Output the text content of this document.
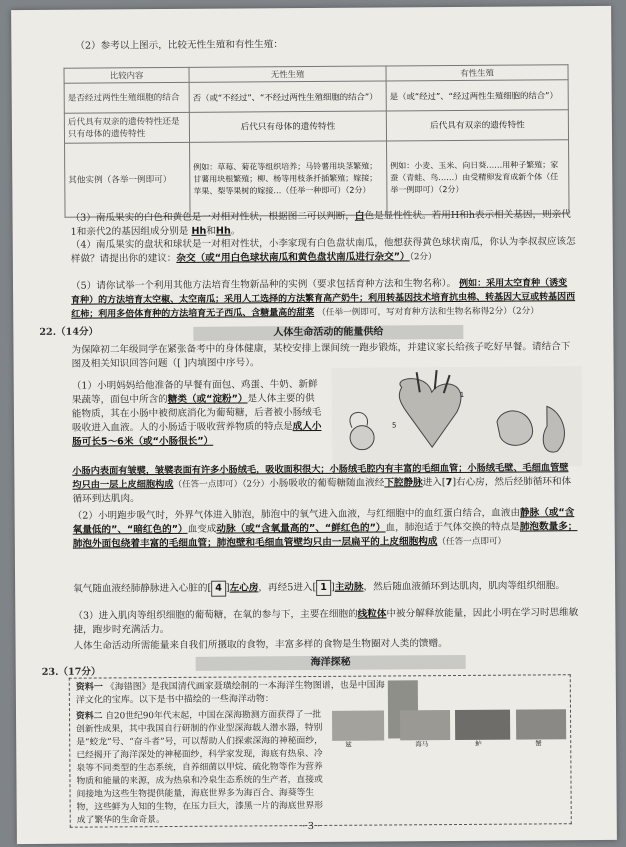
（2）参考以上图示，比较无性生殖和有性生殖：
比较内容	无性生殖	有性生殖
是否经过两性生殖细胞的结合	否（或“不经过”、“不经过两性生殖细胞的结合”）	是（或“经过”、“经过两性生殖细胞的结合”）
后代具有双亲的遗传特性还是只有母体的遗传特性	后代只有母体的遗传特性	后代具有双亲的遗传特性
其他实例（各举一例即可）	例如：草莓、菊花等组织培养；马铃薯用块茎繁殖；甘薯用块根繁殖；柳、杨等用枝条扦插繁殖；嫁接；苹果、梨等果树的嫁接…（任举一种即可）（2分）	例如：小麦、玉米、向日葵……用种子繁殖；家蚕（青蛙、鸟……）由受精卵发育成新个体（任举一例即可）（2分）
（3）南瓜果实的白色和黄色是一对相对性状，根据图二可以判断，白色是显性性状。若用H和h表示相关基因，则亲代1和亲代2的基因组成分别是 Hh和Hh。
（4）南瓜果实的盘状和球状是一对相对性状，小李家现有白色盘状南瓜，他想获得黄色球状南瓜，你认为李叔叔应该怎样做？请提出你的建议：杂交（或“用白色球状南瓜和黄色盘状南瓜进行杂交”）（2分）
（5）请你试举一个利用其他方法培育生物新品种的实例（要求包括育种方法和生物名称）。 例如：采用太空育种（诱变育种）的方法培育太空椒、太空南瓜；采用人工选择的方法繁育高产奶牛；利用转基因技术培育抗虫棉、转基因大豆或转基因西红柿；利用多倍体育种的方法培育无子西瓜、含糖量高的甜菜 （任举一例即可，写对育种方法和生物名称得2分）（2分）
22.（14分）	人体生命活动的能量供给
为保障初二年级同学在紧张备考中的身体健康，某校安排上课间统一跑步锻炼，并建议家长给孩子吃好早餐。请结合下图及相关知识回答问题（[ ]内填图中序号）。
（1）小明妈妈给他准备的早餐有面包、鸡蛋、牛奶、新鲜果蔬等，面包中所含的糖类（或“淀粉”）是人体主要的供能物质，其在小肠中被彻底消化为葡萄糖，后者被小肠绒毛吸收进入血液。人的小肠适于吸收营养物质的特点是成人小肠可长5～6米（或“小肠很长”）
5
1
小肠内表面有皱襞，皱襞表面有许多小肠绒毛，吸收面积很大；小肠绒毛腔内有丰富的毛细血管；小肠绒毛壁、毛细血管壁均只由一层上皮细胞构成（任答一点即可）（2分）小肠吸收的葡萄糖随血液经下腔静脉进入[7]右心房，然后经肺循环和体循环到达肌肉。
（2）小明跑步吸气时，外界气体进入肺泡，肺泡中的氧气进入血液，与红细胞中的血红蛋白结合，血液由静脉（或“含氧量低的”、“暗红色的”）血变成动脉（或“含氧量高的”、“鲜红色的”）血，肺泡适于气体交换的特点是肺泡数量多；肺泡外面包绕着丰富的毛细血管；肺泡壁和毛细血管壁均只由一层扁平的上皮细胞构成（任答一点即可）
氧气随血液经肺静脉进入心脏的[ 4 ]左心房，再经5进入[ 1 ]主动脉，然后随血液循环到达肌肉，肌肉等组织细胞。
（3）进入肌肉等组织细胞的葡萄糖，在氧的参与下，主要在细胞的线粒体中被分解释放能量，因此小明在学习时思维敏捷，跑步时充满活力。
人体生命活动所需能量来自我们所摄取的食物，丰富多样的食物是生物圈对人类的馈赠。
23.（17分）
海洋探秘
资料一 《海错图》是我国清代画家聂璜绘制的一本海洋生物图谱，也是中国海洋文化的宝库。以下是书中描绘的一些海洋动物：
资料二 自20世纪90年代末起，中国在深海勘测方面获得了一批创新性成果，其中我国自行研制的作业型深海载人潜水器，特别是“蛟龙”号、“奋斗者”号，可以帮助人们探索深海的神秘面纱，已经揭开了海洋深处的神秘面纱，科学家发现，海底有热泉、冷泉等不同类型的生态系统，自养细菌以甲烷、硫化物等作为营养物质和能量的来源，成为热泉和冷泉生态系统的生产者，直接或间接地为这些生物提供能量，海底世界多为海百合、海葵等生物，这些鲜为人知的生物，在压力巨大，漆黑一片的海底世界形成了繁华的生命奇景。
鲨	海马	鲈	蟹
· 3 ·
